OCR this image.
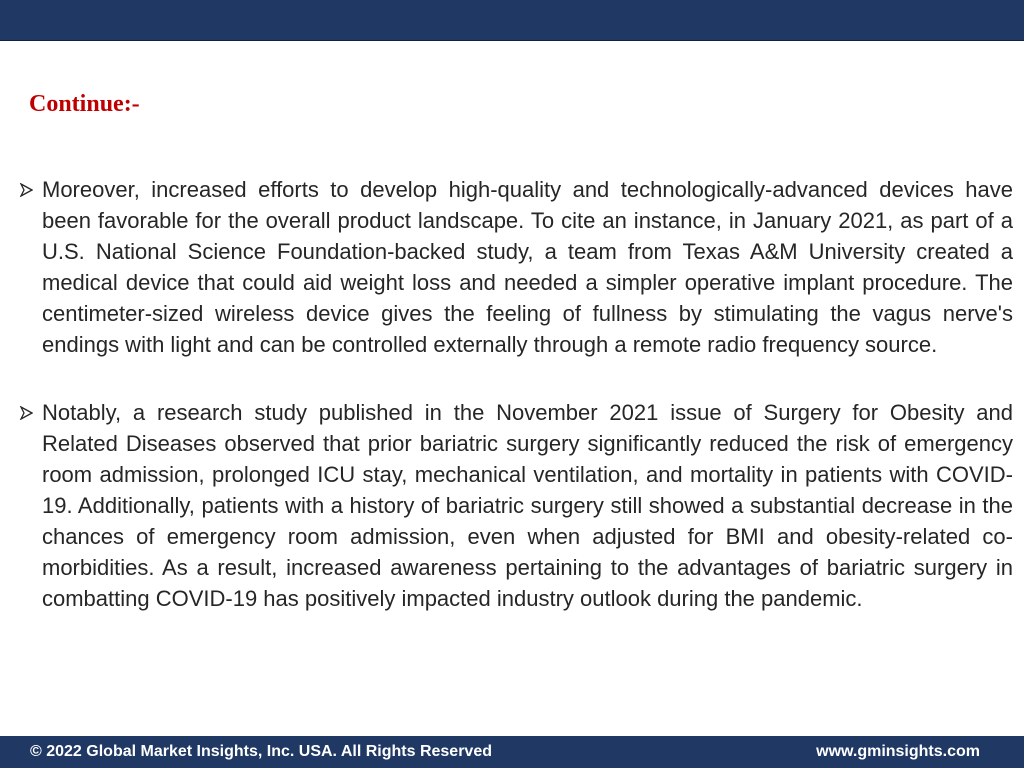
Continue:-

Moreover, increased efforts to develop high-quality and technologically-advanced devices have been favorable for the overall product landscape. To cite an instance, in January 2021, as part of a U.S. National Science Foundation-backed study, a team from Texas A&M University created a medical device that could aid weight loss and needed a simpler operative implant procedure. The centimeter-sized wireless device gives the feeling of fullness by stimulating the vagus nerve's endings with light and can be controlled externally through a remote radio frequency source.

Notably, a research study published in the November 2021 issue of Surgery for Obesity and Related Diseases observed that prior bariatric surgery significantly reduced the risk of emergency room admission, prolonged ICU stay, mechanical ventilation, and mortality in patients with COVID-19. Additionally, patients with a history of bariatric surgery still showed a substantial decrease in the chances of emergency room admission, even when adjusted for BMI and obesity-related co-morbidities. As a result, increased awareness pertaining to the advantages of bariatric surgery in combatting COVID-19 has positively impacted industry outlook during the pandemic.

© 2022 Global Market Insights, Inc. USA. All Rights Reserved	www.gminsights.com
